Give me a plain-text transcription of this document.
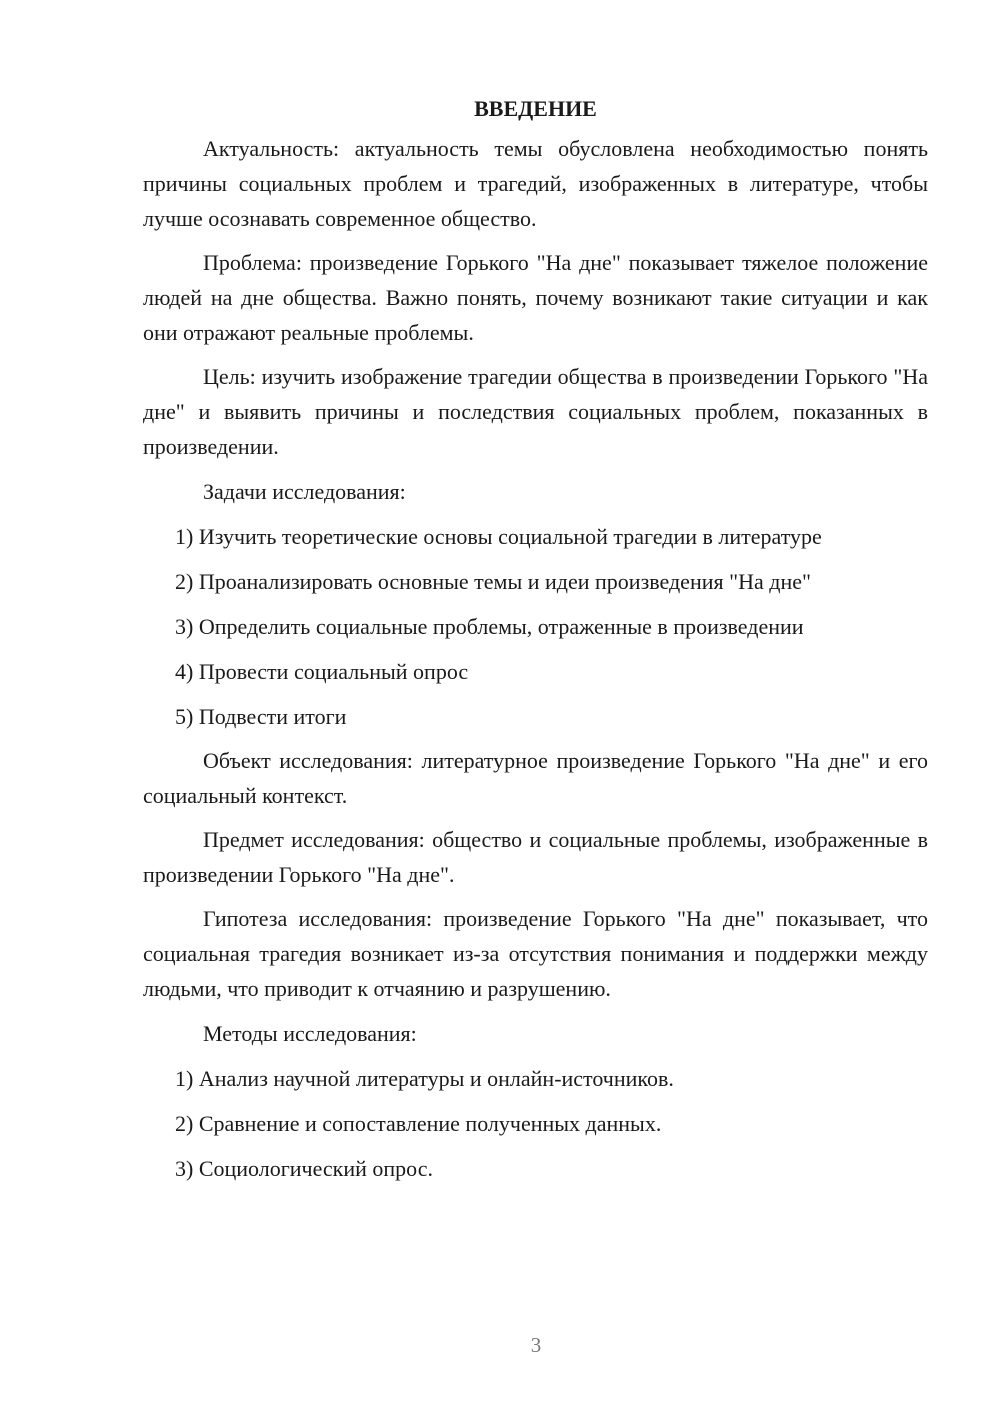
ВВЕДЕНИЕ

Актуальность: актуальность темы обусловлена необходимостью понять причины социальных проблем и трагедий, изображенных в литературе, чтобы лучше осознавать современное общество.

Проблема: произведение Горького "На дне" показывает тяжелое положение людей на дне общества. Важно понять, почему возникают такие ситуации и как они отражают реальные проблемы.

Цель: изучить изображение трагедии общества в произведении Горького "На дне" и выявить причины и последствия социальных проблем, показанных в произведении.

Задачи исследования:

1) Изучить теоретические основы социальной трагедии в литературе
2) Проанализировать основные темы и идеи произведения "На дне"
3) Определить социальные проблемы, отраженные в произведении
4) Провести социальный опрос
5) Подвести итоги

Объект исследования: литературное произведение Горького "На дне" и его социальный контекст.

Предмет исследования: общество и социальные проблемы, изображенные в произведении Горького "На дне".

Гипотеза исследования: произведение Горького "На дне" показывает, что социальная трагедия возникает из-за отсутствия понимания и поддержки между людьми, что приводит к отчаянию и разрушению.

Методы исследования:

1) Анализ научной литературы и онлайн-источников.
2) Сравнение и сопоставление полученных данных.
3) Социологический опрос.
3
